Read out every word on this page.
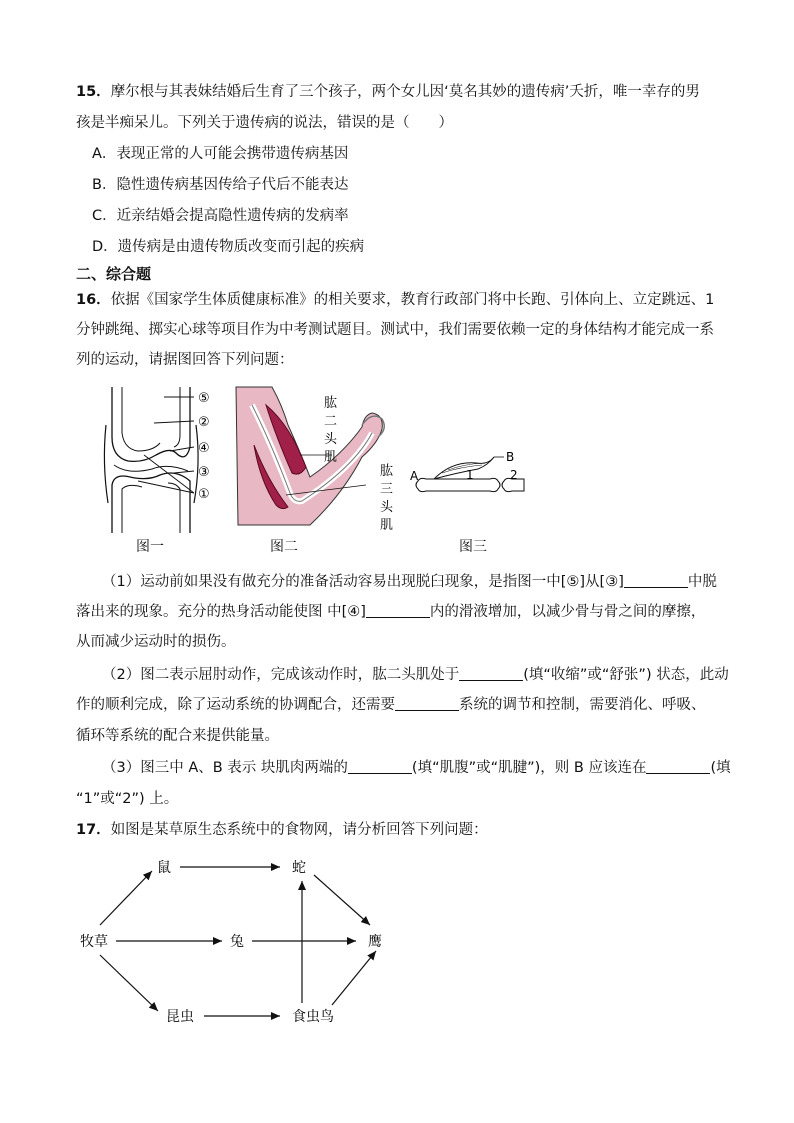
15．摩尔根与其表妹结婚后生育了三个孩子，两个女儿因‘莫名其妙的遗传病’夭折，唯一幸存的男
孩是半痴呆儿。下列关于遗传病的说法，错误的是（　　）
A．表现正常的人可能会携带遗传病基因
B．隐性遗传病基因传给子代后不能表达
C．近亲结婚会提高隐性遗传病的发病率
D．遗传病是由遗传物质改变而引起的疾病
二、综合题
16．依据《国家学生体质健康标准》的相关要求，教育行政部门将中长跑、引体向上、立定跳远、1
分钟跳绳、掷实心球等项目作为中考测试题目。测试中，我们需要依赖一定的身体结构才能完成一系
列的运动，请据图回答下列问题：
⑤
②
④
③
①
图一
肱
二
头
肌
肱
三
头
肌
图二
A
B
1	2
图三
（1）运动前如果没有做充分的准备活动容易出现脱臼现象，是指图一中[⑤]从[③]	中脱
落出来的现象。充分的热身活动能使图 中[④]	内的滑液增加，以减少骨与骨之间的摩擦，
从而减少运动时的损伤。
（2）图二表示屈肘动作，完成该动作时，肱二头肌处于	(填“收缩”或“舒张”) 状态，此动
作的顺利完成，除了运动系统的协调配合，还需要	系统的调节和控制，需要消化、呼吸、
循环等系统的配合来提供能量。
（3）图三中 A、B 表示 块肌肉两端的	(填“肌腹”或“肌腱”)，则 B 应该连在	(填
“1”或“2”) 上。
17．如图是某草原生态系统中的食物网，请分析回答下列问题：
牧草
鼠	蛇
兔	鹰
昆虫	食虫鸟
